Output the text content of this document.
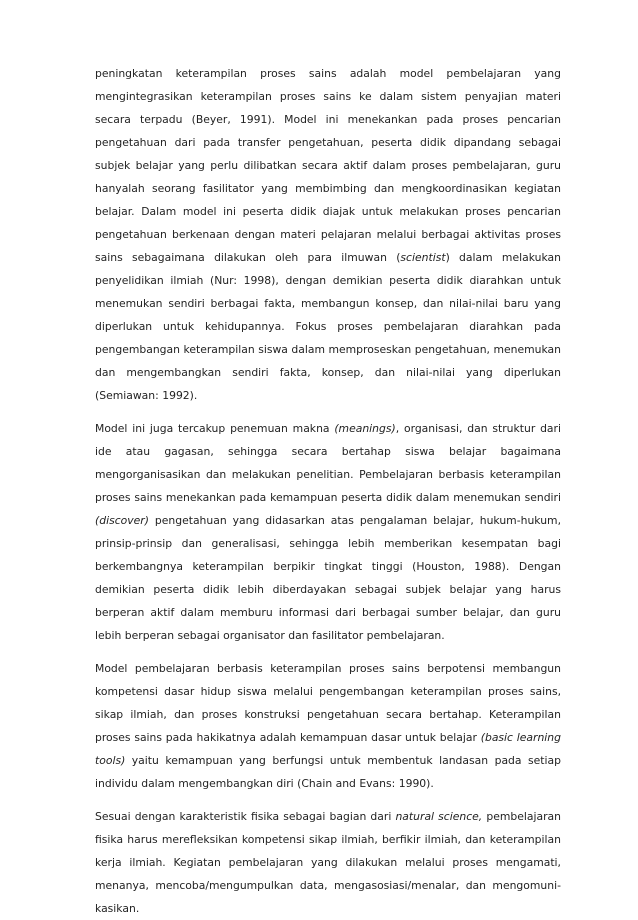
peningkatan keterampilan proses sains adalah model pembelajaran yang mengintegrasikan keterampilan proses sains ke dalam sistem penyajian materi secara terpadu (Beyer, 1991). Model ini menekankan pada proses pencarian pengetahuan dari pada transfer pengetahuan, peserta didik dipandang sebagai subjek belajar yang perlu dilibatkan secara aktif dalam proses pembelajaran, guru hanyalah seorang fasilitator yang membimbing dan mengkoordinasikan kegiatan belajar. Dalam model ini peserta didik diajak untuk melakukan proses pencarian pengetahuan berkenaan dengan materi pelajaran melalui berbagai aktivitas proses sains sebagaimana dilakukan oleh para ilmuwan (scientist) dalam melakukan penyelidikan ilmiah (Nur: 1998), dengan demikian peserta didik diarahkan untuk menemukan sendiri berbagai fakta, membangun konsep, dan nilai-nilai baru yang diperlukan untuk kehidupannya. Fokus proses pembelajaran diarahkan pada pengembangan keterampilan siswa dalam memproseskan pengetahuan, menemukan dan mengembangkan sendiri fakta, konsep, dan nilai-nilai yang diperlukan (Semiawan: 1992).

Model ini juga tercakup penemuan makna (meanings), organisasi, dan struktur dari ide atau gagasan, sehingga secara bertahap siswa belajar bagaimana mengorganisasikan dan melakukan penelitian. Pembelajaran berbasis keterampilan proses sains menekankan pada kemampuan peserta didik dalam menemukan sendiri (discover) pengetahuan yang didasarkan atas pengalaman belajar, hukum-hukum, prinsip-prinsip dan generalisasi, sehingga lebih memberikan kesempatan bagi berkembangnya keterampilan berpikir tingkat tinggi (Houston, 1988). Dengan demikian peserta didik lebih diberdayakan sebagai subjek belajar yang harus berperan aktif dalam memburu informasi dari berbagai sumber belajar, dan guru lebih berperan sebagai organisator dan fasilitator pembelajaran.

Model pembelajaran berbasis keterampilan proses sains berpotensi membangun kompetensi dasar hidup siswa melalui pengembangan keterampilan proses sains, sikap ilmiah, dan proses konstruksi pengetahuan secara bertahap. Keterampilan proses sains pada hakikatnya adalah kemampuan dasar untuk belajar (basic learning tools) yaitu kemampuan yang berfungsi untuk membentuk landasan pada setiap individu dalam mengembangkan diri (Chain and Evans: 1990).

Sesuai dengan karakteristik fisika sebagai bagian dari natural science, pembelajaran fisika harus merefleksikan kompetensi sikap ilmiah, berfikir ilmiah, dan keterampilan kerja ilmiah. Kegiatan pembelajaran yang dilakukan melalui proses mengamati, menanya, mencoba/mengumpulkan data, mengasosiasi/menalar, dan mengomuni-kasikan.
